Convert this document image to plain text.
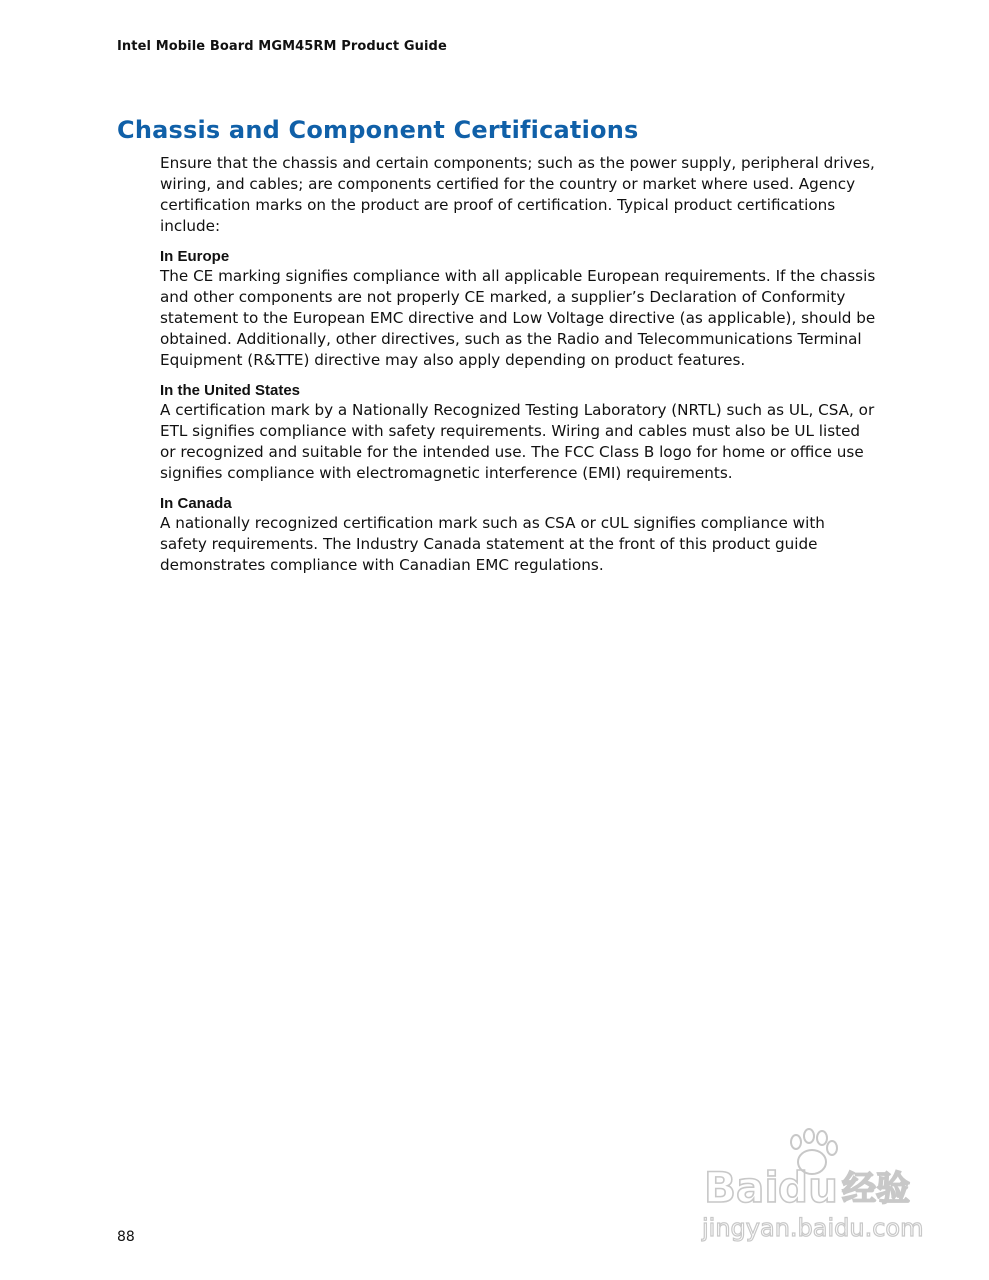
Intel Mobile Board MGM45RM Product Guide
Chassis and Component Certifications

Ensure that the chassis and certain components; such as the power supply, peripheral drives, wiring, and cables; are components certified for the country or market where used. Agency certification marks on the product are proof of certification. Typical product certifications include:

In Europe

The CE marking signifies compliance with all applicable European requirements. If the chassis and other components are not properly CE marked, a supplier’s Declaration of Conformity statement to the European EMC directive and Low Voltage directive (as applicable), should be obtained. Additionally, other directives, such as the Radio and Telecommunications Terminal Equipment (R&TTE) directive may also apply depending on product features.

In the United States

A certification mark by a Nationally Recognized Testing Laboratory (NRTL) such as UL, CSA, or ETL signifies compliance with safety requirements. Wiring and cables must also be UL listed or recognized and suitable for the intended use. The FCC Class B logo for home or office use signifies compliance with electromagnetic interference (EMI) requirements.

In Canada

A nationally recognized certification mark such as CSA or cUL signifies compliance with safety requirements. The Industry Canada statement at the front of this product guide demonstrates compliance with Canadian EMC regulations.

Bai du 经验
jingyan.baidu.com
88
